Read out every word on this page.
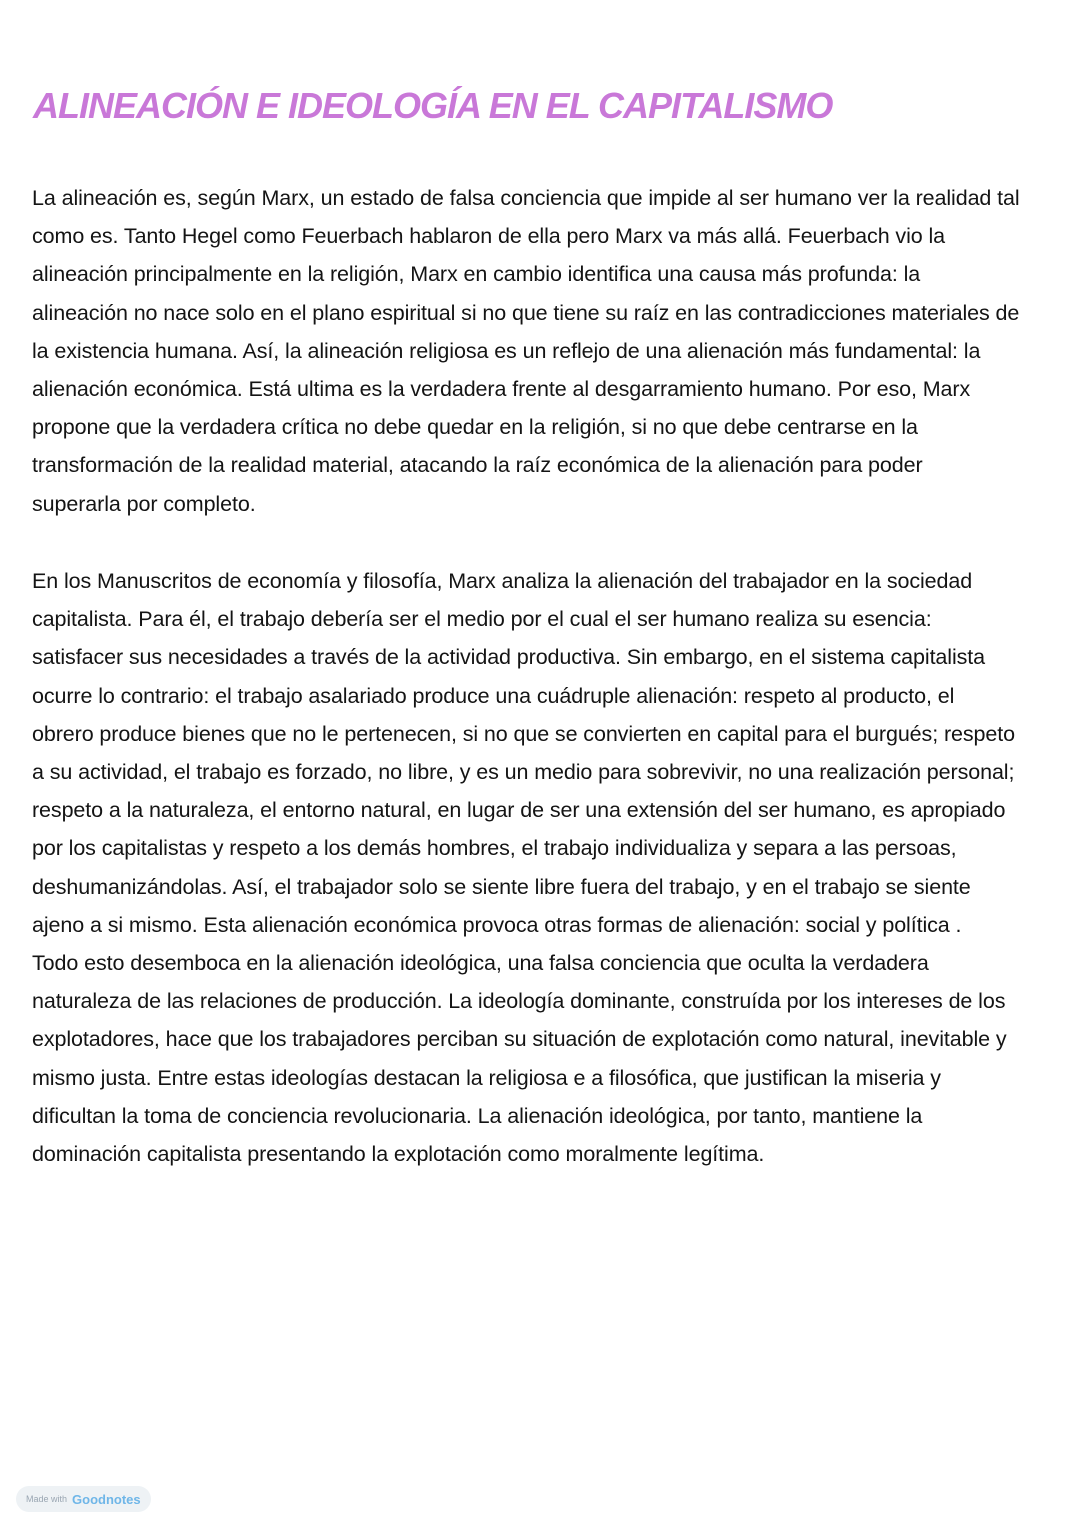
ALINEACIÓN E IDEOLOGÍA EN EL CAPITALISMO

La alineación es, según Marx, un estado de falsa conciencia que impide al ser humano ver la realidad tal
como es. Tanto Hegel como Feuerbach hablaron de ella pero Marx va más allá. Feuerbach vio la
alineación principalmente en la religión, Marx en cambio identifica una causa más profunda: la
alineación no nace solo en el plano espiritual si no que tiene su raíz en las contradicciones materiales de
la existencia humana. Así, la alineación religiosa es un reflejo de una alienación más fundamental: la
alienación económica. Está ultima es la verdadera frente al desgarramiento humano. Por eso, Marx
propone que la verdadera crítica no debe quedar en la religión, si no que debe centrarse en la
transformación de la realidad material, atacando la raíz económica de la alienación para poder
superarla por completo.

En los Manuscritos de economía y filosofía, Marx analiza la alienación del trabajador en la sociedad
capitalista. Para él, el trabajo debería ser el medio por el cual el ser humano realiza su esencia:
satisfacer sus necesidades a través de la actividad productiva. Sin embargo, en el sistema capitalista
ocurre lo contrario: el trabajo asalariado produce una cuádruple alienación: respeto al producto, el
obrero produce bienes que no le pertenecen, si no que se convierten en capital para el burgués; respeto
a su actividad, el trabajo es forzado, no libre, y es un medio para sobrevivir, no una realización personal;
respeto a la naturaleza, el entorno natural, en lugar de ser una extensión del ser humano, es apropiado
por los capitalistas y respeto a los demás hombres, el trabajo individualiza y separa a las persoas,
deshumanizándolas. Así, el trabajador solo se siente libre fuera del trabajo, y en el trabajo se siente
ajeno a si mismo. Esta alienación económica provoca otras formas de alienación: social y política .
Todo esto desemboca en la alienación ideológica, una falsa conciencia que oculta la verdadera
naturaleza de las relaciones de producción. La ideología dominante, construída por los intereses de los
explotadores, hace que los trabajadores perciban su situación de explotación como natural, inevitable y
mismo justa. Entre estas ideologías destacan la religiosa e a filosófica, que justifican la miseria y
dificultan la toma de conciencia revolucionaria. La alienación ideológica, por tanto, mantiene la
dominación capitalista presentando la explotación como moralmente legítima.

Made with Goodnotes
